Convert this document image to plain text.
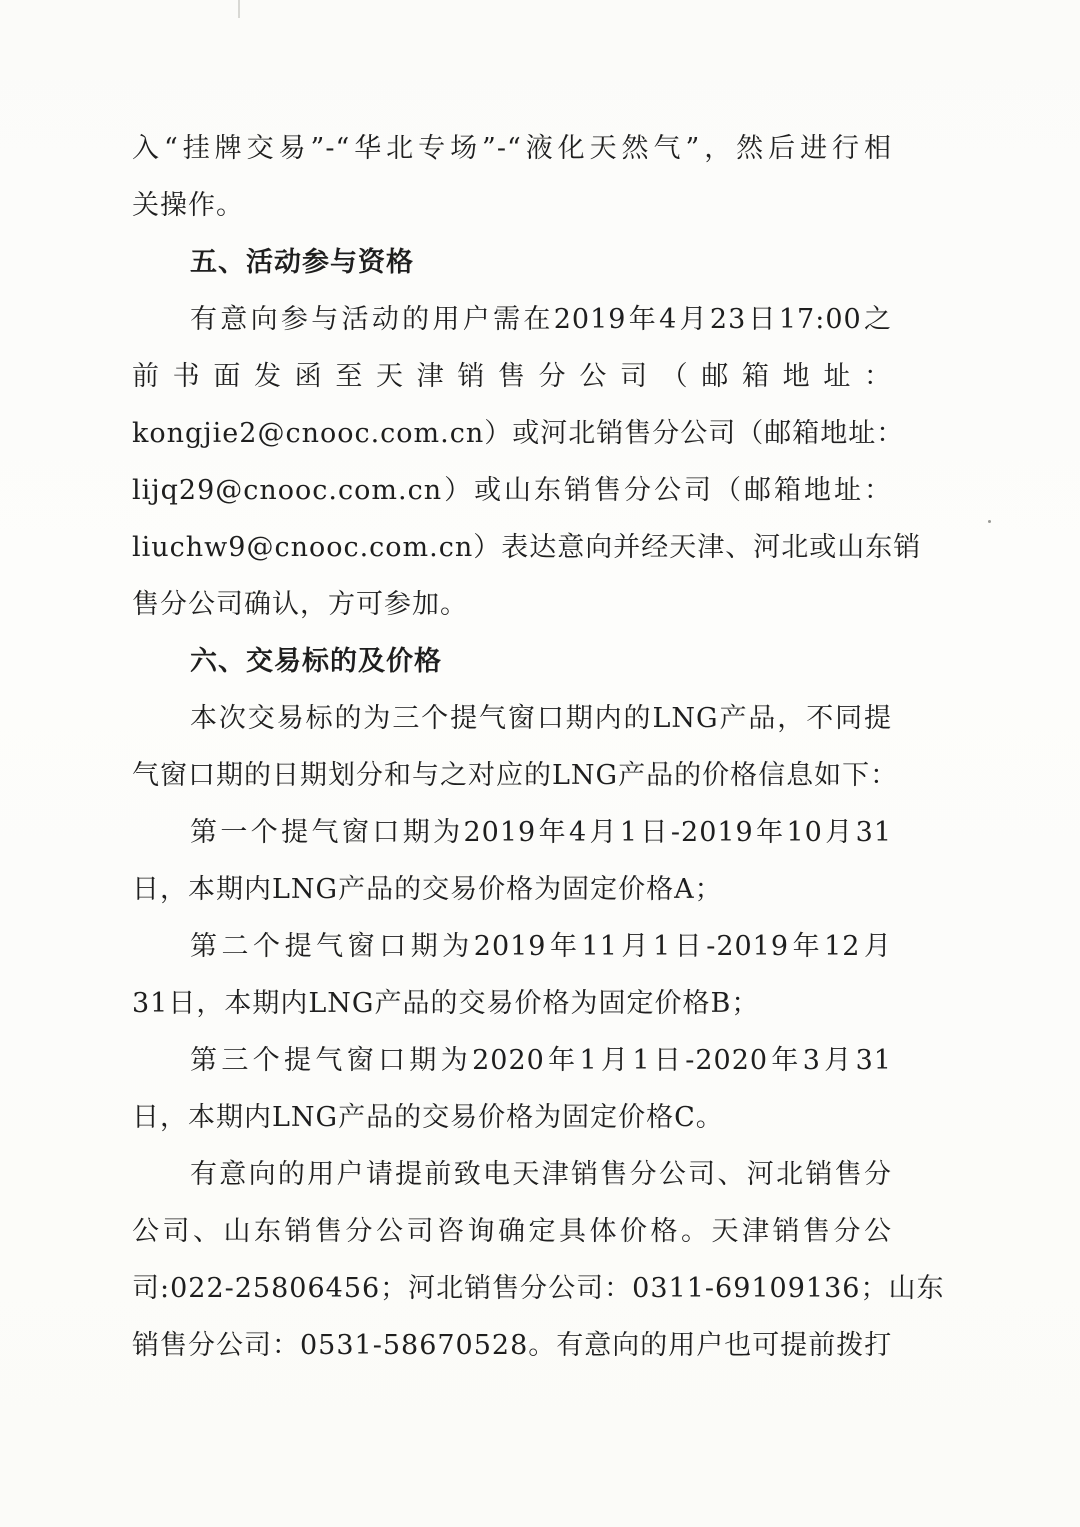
入“挂牌交易”-“华北专场”-“液化天然气”，然后进行相
关操作。
五、活动参与资格
有意向参与活动的用户需在2019年4月23日17:00之
前书面发函至天津销售分公司（邮箱地址：
kongjie2@cnooc.com.cn）或河北销售分公司（邮箱地址：
lijq29@cnooc.com.cn）或山东销售分公司（邮箱地址：
liuchw9@cnooc.com.cn）表达意向并经天津、河北或山东销
售分公司确认，方可参加。
六、交易标的及价格
本次交易标的为三个提气窗口期内的LNG产品，不同提
气窗口期的日期划分和与之对应的LNG产品的价格信息如下：
第一个提气窗口期为2019年4月1日-2019年10月31
日，本期内LNG产品的交易价格为固定价格A；
第二个提气窗口期为2019年11月1日-2019年12月
31日，本期内LNG产品的交易价格为固定价格B；
第三个提气窗口期为2020年1月1日-2020年3月31
日，本期内LNG产品的交易价格为固定价格C。
有意向的用户请提前致电天津销售分公司、河北销售分
公司、山东销售分公司咨询确定具体价格。天津销售分公
司:022-25806456；河北销售分公司：0311-69109136；山东
销售分公司：0531-58670528。有意向的用户也可提前拨打
